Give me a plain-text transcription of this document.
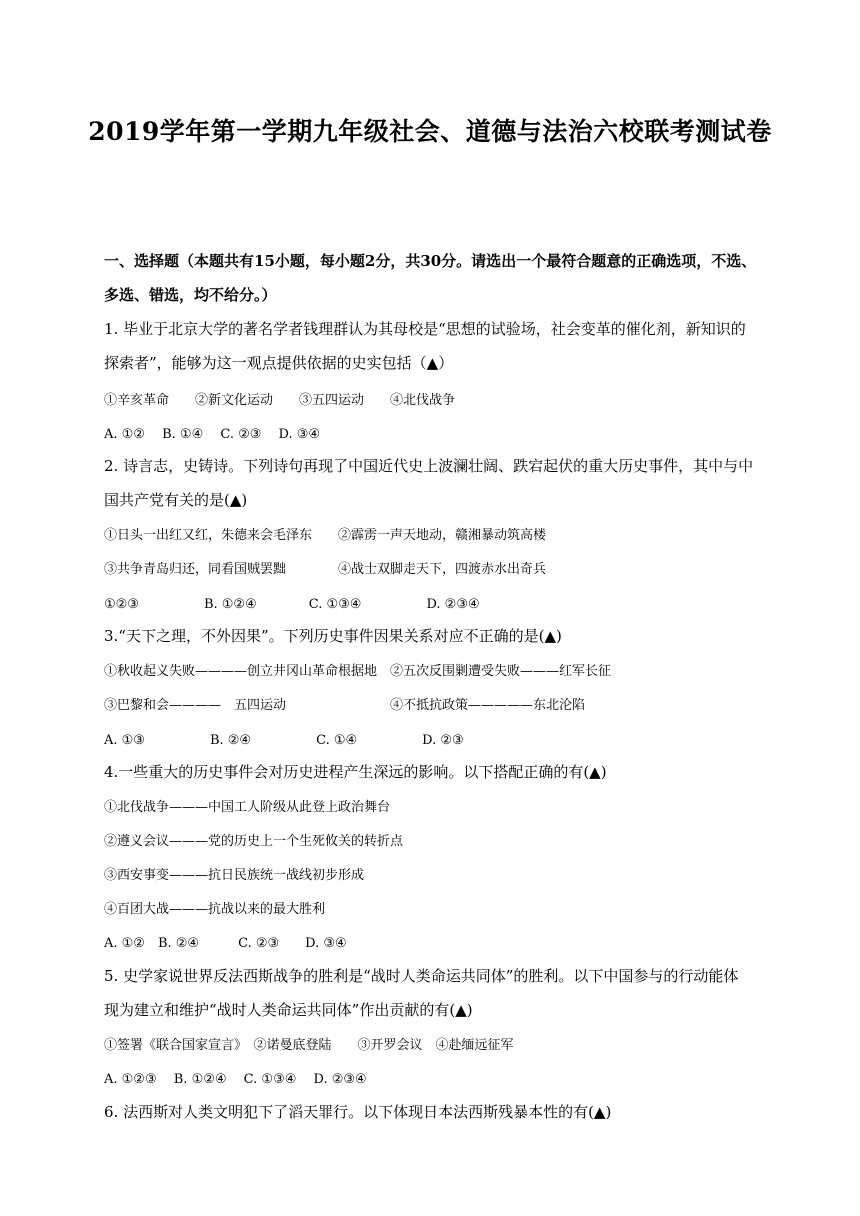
2019学年第一学期九年级社会、道德与法治六校联考测试卷
一、选择题（本题共有15小题，每小题2分，共30分。请选出一个最符合题意的正确选项，不选、
多选、错选，均不给分。）
1. 毕业于北京大学的著名学者钱理群认为其母校是“思想的试验场，社会变革的催化剂，新知识的
探索者”，能够为这一观点提供依据的史实包括（▲）
①辛亥革命　　②新文化运动　　③五四运动　　④北伐战争
A. ①②　 B. ①④　 C. ②③　 D. ③④
2. 诗言志，史铸诗。下列诗句再现了中国近代史上波澜壮阔、跌宕起伏的重大历史事件，其中与中
国共产党有关的是(▲)
①日头一出红又红，朱德来会毛泽东　　②霹雳一声天地动，赣湘暴动筑高楼
③共争青岛归还，同看国贼罢黜　　　　④战士双脚走天下，四渡赤水出奇兵
①②③　　　　　B. ①②④　　　　C. ①③④　　　　　D. ②③④
3.“天下之理，不外因果”。下列历史事件因果关系对应不正确的是(▲)
①秋收起义失败————创立井冈山革命根据地　②五次反围剿遭受失败———红军长征
③巴黎和会————　五四运动　　　　　　　　④不抵抗政策—————东北沦陷
A. ①③　　　　　B. ②④　　　　　C. ①④　　　　　D. ②③
4.一些重大的历史事件会对历史进程产生深远的影响。以下搭配正确的有(▲)
①北伐战争———中国工人阶级从此登上政治舞台
②遵义会议———党的历史上一个生死攸关的转折点
③西安事变———抗日民族统一战线初步形成
④百团大战———抗战以来的最大胜利
A. ①②　B. ②④　　　C. ②③　　D. ③④
5. 史学家说世界反法西斯战争的胜利是“战时人类命运共同体”的胜利。以下中国参与的行动能体
现为建立和维护“战时人类命运共同体”作出贡献的有(▲)
①签署《联合国家宣言》　②诺曼底登陆　　③开罗会议　④赴缅远征军
A. ①②③　 B. ①②④　 C. ①③④　 D. ②③④
6. 法西斯对人类文明犯下了滔天罪行。以下体现日本法西斯残暴本性的有(▲)
